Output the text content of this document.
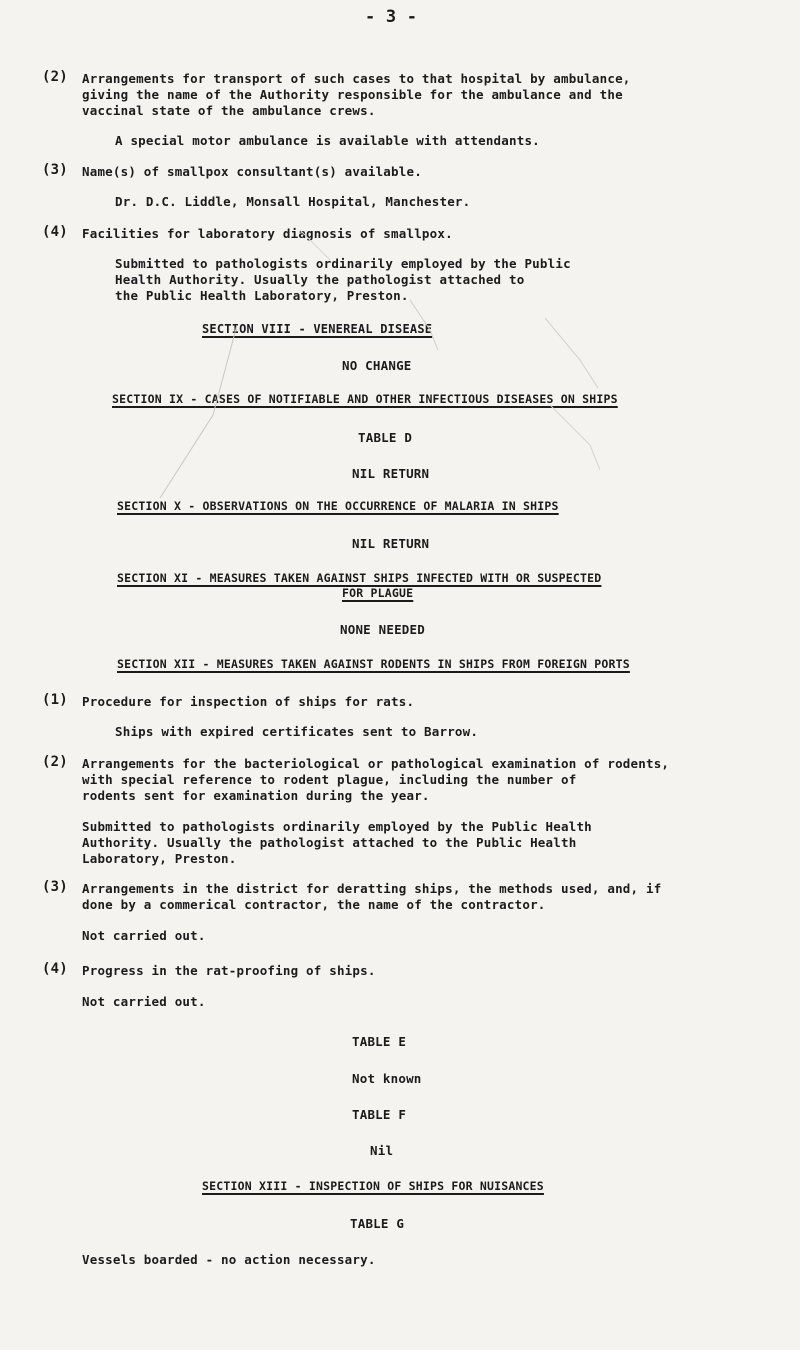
- 3 -
(2) Arrangements for transport of such cases to that hospital by ambulance,
giving the name of the Authority responsible for the ambulance and the
vaccinal state of the ambulance crews.
A special motor ambulance is available with attendants.
(3) Name(s) of smallpox consultant(s) available.
Dr. D.C. Liddle, Monsall Hospital, Manchester.
(4) Facilities for laboratory diagnosis of smallpox.
Submitted to pathologists ordinarily employed by the Public
Health Authority. Usually the pathologist attached to
the Public Health Laboratory, Preston.
SECTION VIII - VENEREAL DISEASE
NO CHANGE
SECTION IX - CASES OF NOTIFIABLE AND OTHER INFECTIOUS DISEASES ON SHIPS
TABLE D
NIL RETURN
SECTION X - OBSERVATIONS ON THE OCCURRENCE OF MALARIA IN SHIPS
NIL RETURN
SECTION XI - MEASURES TAKEN AGAINST SHIPS INFECTED WITH OR SUSPECTED
FOR PLAGUE
NONE NEEDED
SECTION XII - MEASURES TAKEN AGAINST RODENTS IN SHIPS FROM FOREIGN PORTS
(1) Procedure for inspection of ships for rats.
Ships with expired certificates sent to Barrow.
(2) Arrangements for the bacteriological or pathological examination of rodents,
with special reference to rodent plague, including the number of
rodents sent for examination during the year.
Submitted to pathologists ordinarily employed by the Public Health
Authority. Usually the pathologist attached to the Public Health
Laboratory, Preston.
(3) Arrangements in the district for deratting ships, the methods used, and, if
done by a commerical contractor, the name of the contractor.
Not carried out.
(4) Progress in the rat-proofing of ships.
Not carried out.
TABLE E
Not known
TABLE F
Nil
SECTION XIII - INSPECTION OF SHIPS FOR NUISANCES
TABLE G
Vessels boarded - no action necessary.
